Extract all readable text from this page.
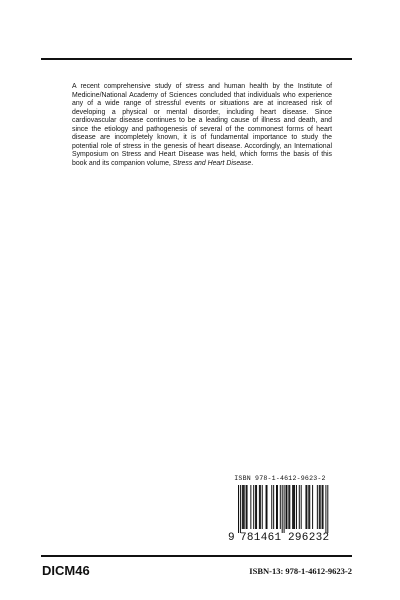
A recent comprehensive study of stress and human health by the Institute of Medicine/National Academy of Sciences concluded that individuals who experience any of a wide range of stressful events or situations are at increased risk of developing a physical or mental disorder, including heart disease. Since cardiovascular disease continues to be a leading cause of illness and death, and since the etiology and pathogenesis of several of the commonest forms of heart disease are incompletely known, it is of fundamental importance to study the potential role of stress in the genesis of heart disease. Accordingly, an International Symposium on Stress and Heart Disease was held, which forms the basis of this book and its companion volume, Stress and Heart Disease.

ISBN 978-1-4612-9623-2
9 781461 296232
DICM46	ISBN-13: 978-1-4612-9623-2
